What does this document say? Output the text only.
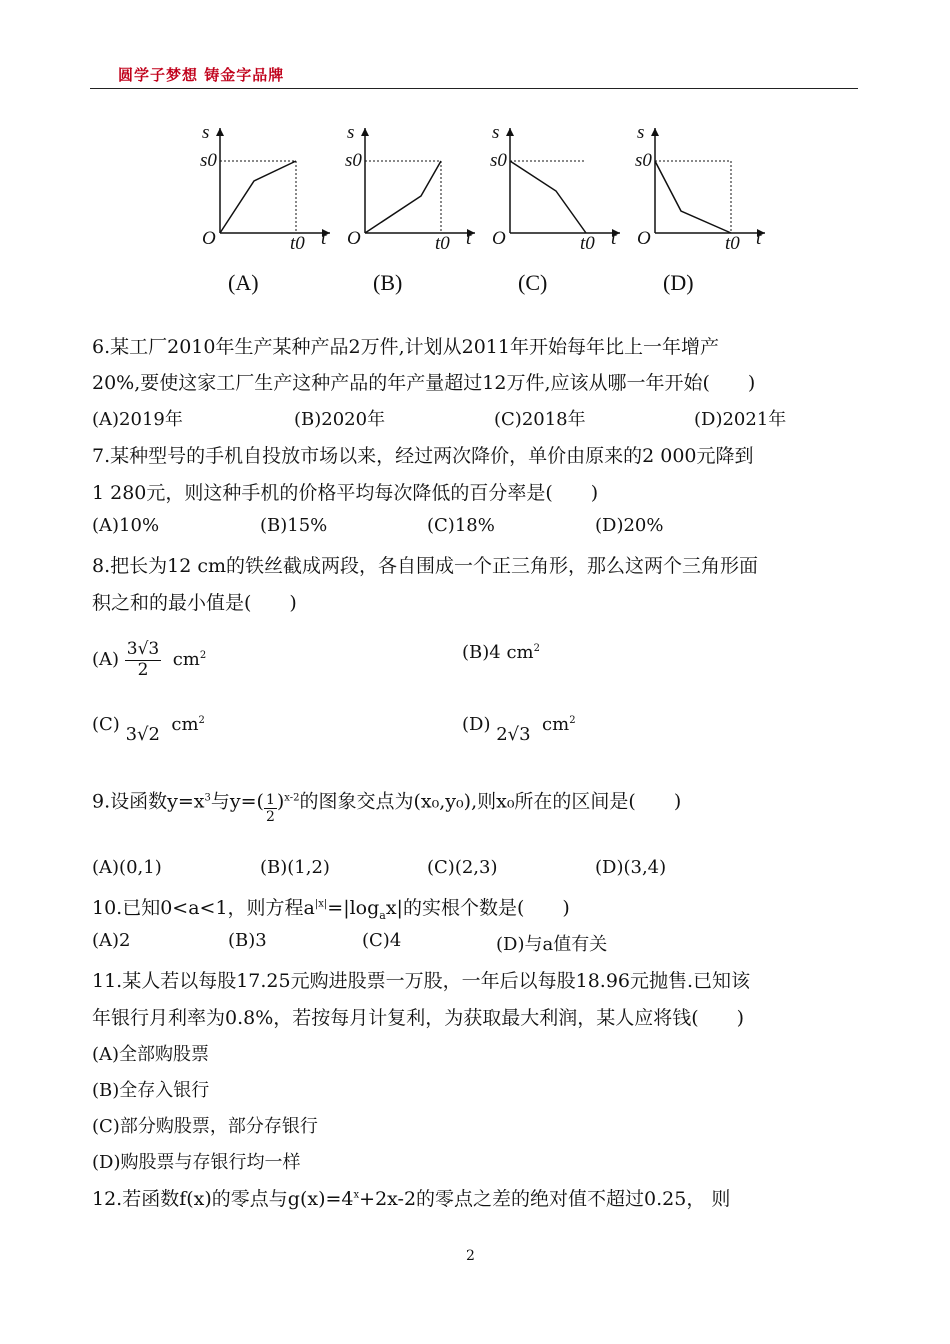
圆学子梦想 铸金字品牌
s
s0
O	t0 t
(A)
s
s0
O	t0 t
(B)
s
s0
O	t0 t
(C)
s
s0
O	t0 t
(D)
6.某工厂2010年生产某种产品2万件,计划从2011年开始每年比上一年增产
20%,要使这家工厂生产这种产品的年产量超过12万件,应该从哪一年开始(　　)
(A)2019年	(B)2020年	(C)2018年	(D)2021年
7.某种型号的手机自投放市场以来，经过两次降价，单价由原来的2 000元降到
1 280元，则这种手机的价格平均每次降低的百分率是(　　)
(A)10%	(B)15%	(C)18%	(D)20%
8.把长为12 cm的铁丝截成两段，各自围成一个正三角形，那么这两个三角形面
积之和的最小值是(　　)
$(A) \frac{3√3}{2} cm^2$	(B)4 $cm^2$
(C) 3√2 $cm^2$	(D) 2√3 $cm^2$
9.设函数$y=x^3$与$y=( \frac{1}{2} )^{x-2}$的图象交点为(x₀,y₀),则x₀所在的区间是(　　)
(A)(0,1)	(B)(1,2)	(C)(2,3)	(D)(3,4)
10.已知0<a<1，则方程$a^{|x|}=|\log_ax|$的实根个数是(　　)
(A)2	(B)3	(C)4	(D)与a值有关
11.某人若以每股17.25元购进股票一万股，一年后以每股18.96元抛售.已知该
年银行月利率为0.8%，若按每月计复利，为获取最大利润，某人应将钱(　　)
(A)全部购股票
(B)全存入银行
(C)部分购股票，部分存银行
(D)购股票与存银行均一样
12.若函数f(x)的零点与$g(x)=4^x+2x-2$的零点之差的绝对值不超过0.25， 则
2
